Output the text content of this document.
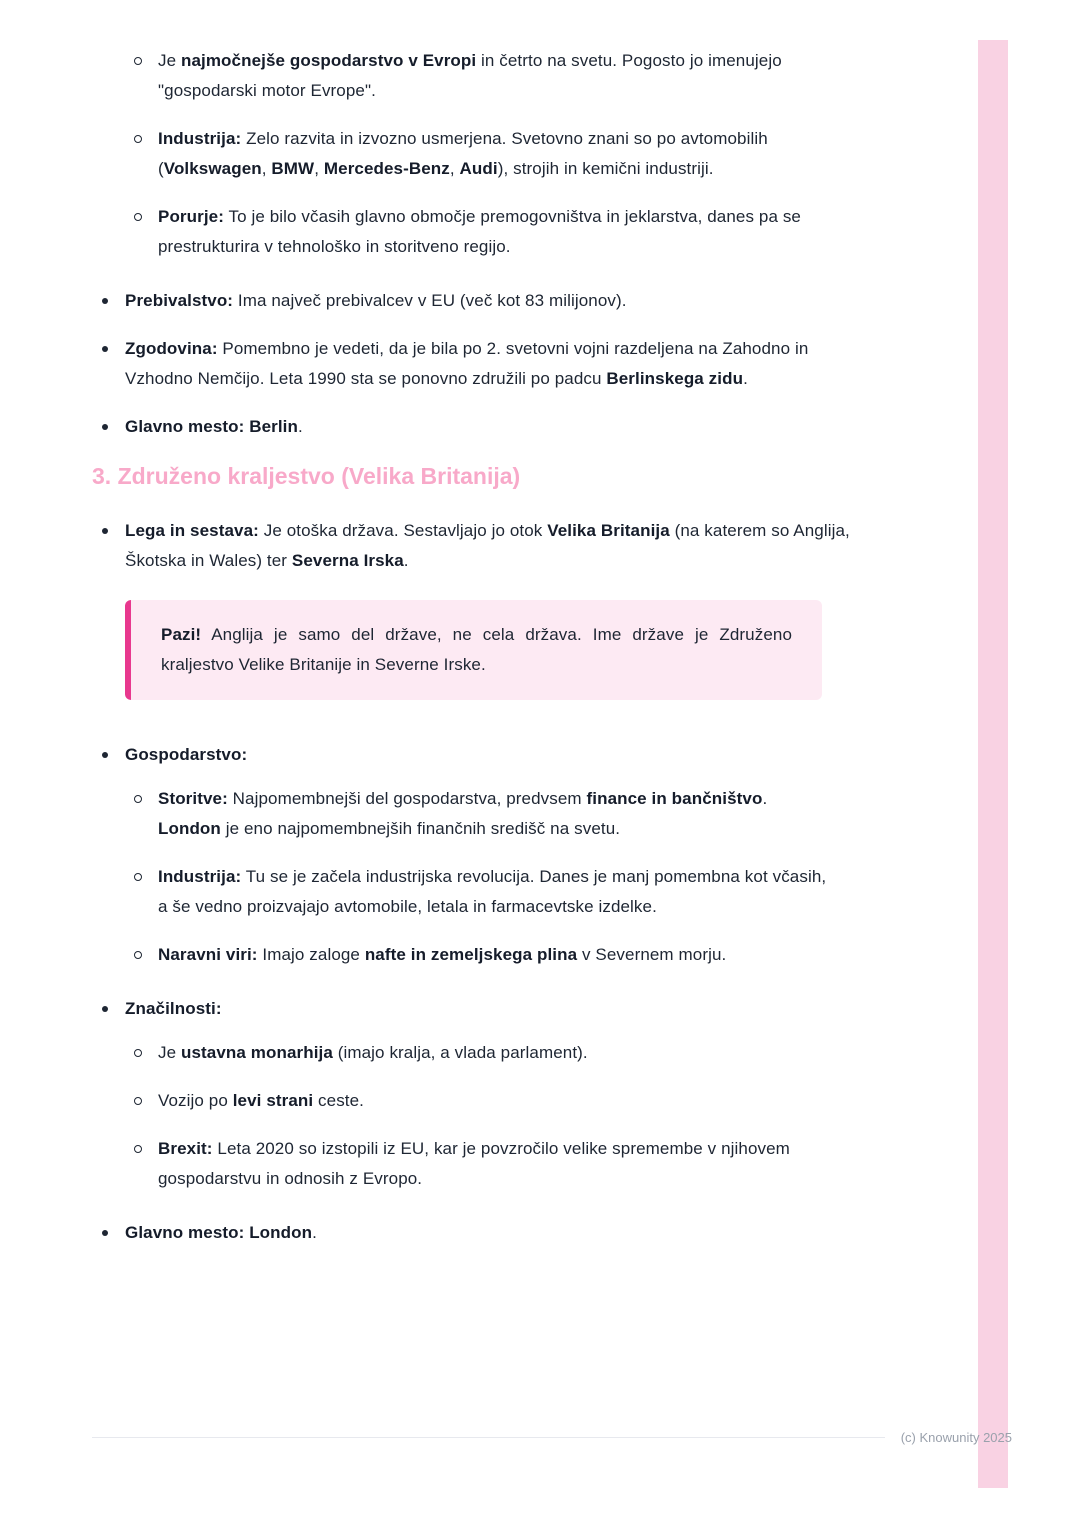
Je najmočnejše gospodarstvo v Evropi in četrto na svetu. Pogosto jo imenujejo "gospodarski motor Evrope".
Industrija: Zelo razvita in izvozno usmerjena. Svetovno znani so po avtomobilih (Volkswagen, BMW, Mercedes-Benz, Audi), strojih in kemični industriji.
Porurje: To je bilo včasih glavno območje premogovništva in jeklarstva, danes pa se prestrukturira v tehnološko in storitveno regijo.
Prebivalstvo: Ima največ prebivalcev v EU (več kot 83 milijonov).
Zgodovina: Pomembno je vedeti, da je bila po 2. svetovni vojni razdeljena na Zahodno in Vzhodno Nemčijo. Leta 1990 sta se ponovno združili po padcu Berlinskega zidu.
Glavno mesto: Berlin.
3. Združeno kraljestvo (Velika Britanija)
Lega in sestava: Je otoška država. Sestavljajo jo otok Velika Britanija (na katerem so Anglija, Škotska in Wales) ter Severna Irska.
Pazi! Anglija je samo del države, ne cela država. Ime države je Združeno kraljestvo Velike Britanije in Severne Irske.
Gospodarstvo:
Storitve: Najpomembnejši del gospodarstva, predvsem finance in bančništvo. London je eno najpomembnejših finančnih središč na svetu.
Industrija: Tu se je začela industrijska revolucija. Danes je manj pomembna kot včasih, a še vedno proizvajajo avtomobile, letala in farmacevtske izdelke.
Naravni viri: Imajo zaloge nafte in zemeljskega plina v Severnem morju.
Značilnosti:
Je ustavna monarhija (imajo kralja, a vlada parlament).
Vozijo po levi strani ceste.
Brexit: Leta 2020 so izstopili iz EU, kar je povzročilo velike spremembe v njihovem gospodarstvu in odnosih z Evropo.
Glavno mesto: London.
(c) Knowunity 2025
